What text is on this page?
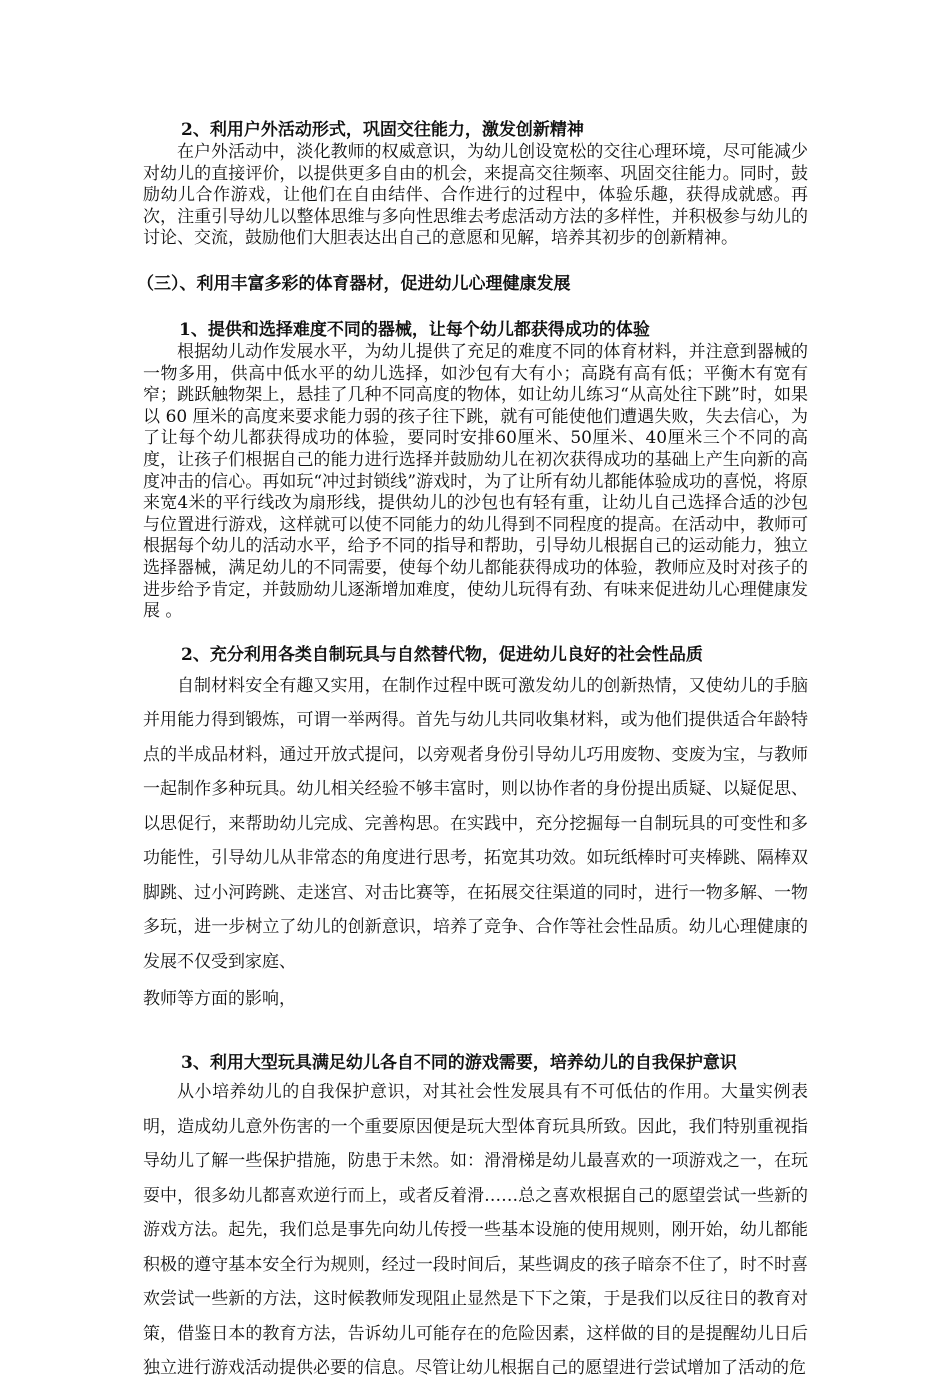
2、利用户外活动形式，巩固交往能力，激发创新精神

在户外活动中，淡化教师的权威意识，为幼儿创设宽松的交往心理环境，尽可能减少对幼儿的直接评价，以提供更多自由的机会，来提高交往频率、巩固交往能力。同时，鼓励幼儿合作游戏，让他们在自由结伴、合作进行的过程中，体验乐趣，获得成就感。再次，注重引导幼儿以整体思维与多向性思维去考虑活动方法的多样性，并积极参与幼儿的讨论、交流，鼓励他们大胆表达出自己的意愿和见解，培养其初步的创新精神。

（三）、利用丰富多彩的体育器材，促进幼儿心理健康发展
1、提供和选择难度不同的器械，让每个幼儿都获得成功的体验

根据幼儿动作发展水平，为幼儿提供了充足的难度不同的体育材料，并注意到器械的一物多用，供高中低水平的幼儿选择，如沙包有大有小；高跷有高有低；平衡木有宽有窄；跳跃触物架上，悬挂了几种不同高度的物体，如让幼儿练习“从高处往下跳”时，如果以 60 厘米的高度来要求能力弱的孩子往下跳，就有可能使他们遭遇失败，失去信心，为了让每个幼儿都获得成功的体验，要同时安排60厘米、50厘米、40厘米三个不同的高度，让孩子们根据自己的能力进行选择并鼓励幼儿在初次获得成功的基础上产生向新的高度冲击的信心。再如玩“冲过封锁线”游戏时，为了让所有幼儿都能体验成功的喜悦，将原来宽4米的平行线改为扇形线，提供幼儿的沙包也有轻有重，让幼儿自己选择合适的沙包与位置进行游戏，这样就可以使不同能力的幼儿得到不同程度的提高。在活动中，教师可根据每个幼儿的活动水平，给予不同的指导和帮助，引导幼儿根据自己的运动能力，独立选择器械，满足幼儿的不同需要，使每个幼儿都能获得成功的体验，教师应及时对孩子的进步给予肯定，并鼓励幼儿逐渐增加难度，使幼儿玩得有劲、有味来促进幼儿心理健康发展 。

2、充分利用各类自制玩具与自然替代物，促进幼儿良好的社会性品质

自制材料安全有趣又实用，在制作过程中既可激发幼儿的创新热情，又使幼儿的手脑并用能力得到锻炼，可谓一举两得。首先与幼儿共同收集材料，或为他们提供适合年龄特点的半成品材料，通过开放式提问，以旁观者身份引导幼儿巧用废物、变废为宝，与教师一起制作多种玩具。幼儿相关经验不够丰富时，则以协作者的身份提出质疑、以疑促思、以思促行，来帮助幼儿完成、完善构思。在实践中，充分挖掘每一自制玩具的可变性和多功能性，引导幼儿从非常态的角度进行思考，拓宽其功效。如玩纸棒时可夹棒跳、隔棒双脚跳、过小河跨跳、走迷宫、对击比赛等，在拓展交往渠道的同时，进行一物多解、一物多玩，进一步树立了幼儿的创新意识，培养了竞争、合作等社会性品质。幼儿心理健康的发展不仅受到家庭、

教师等方面的影响，

3、利用大型玩具满足幼儿各自不同的游戏需要，培养幼儿的自我保护意识

从小培养幼儿的自我保护意识，对其社会性发展具有不可低估的作用。大量实例表明，造成幼儿意外伤害的一个重要原因便是玩大型体育玩具所致。因此，我们特别重视指导幼儿了解一些保护措施，防患于未然。如：滑滑梯是幼儿最喜欢的一项游戏之一，在玩耍中，很多幼儿都喜欢逆行而上，或者反着滑……总之喜欢根据自己的愿望尝试一些新的游戏方法。起先，我们总是事先向幼儿传授一些基本设施的使用规则，刚开始，幼儿都能积极的遵守基本安全行为规则，经过一段时间后，某些调皮的孩子暗奈不住了，时不时喜欢尝试一些新的方法，这时候教师发现阻止显然是下下之策，于是我们以反往日的教育对策，借鉴日本的教育方法，告诉幼儿可能存在的危险因素，这样做的目的是提醒幼儿日后独立进行游戏活动提供必要的信息。尽管让幼儿根据自己的愿望进行尝试增加了活动的危
